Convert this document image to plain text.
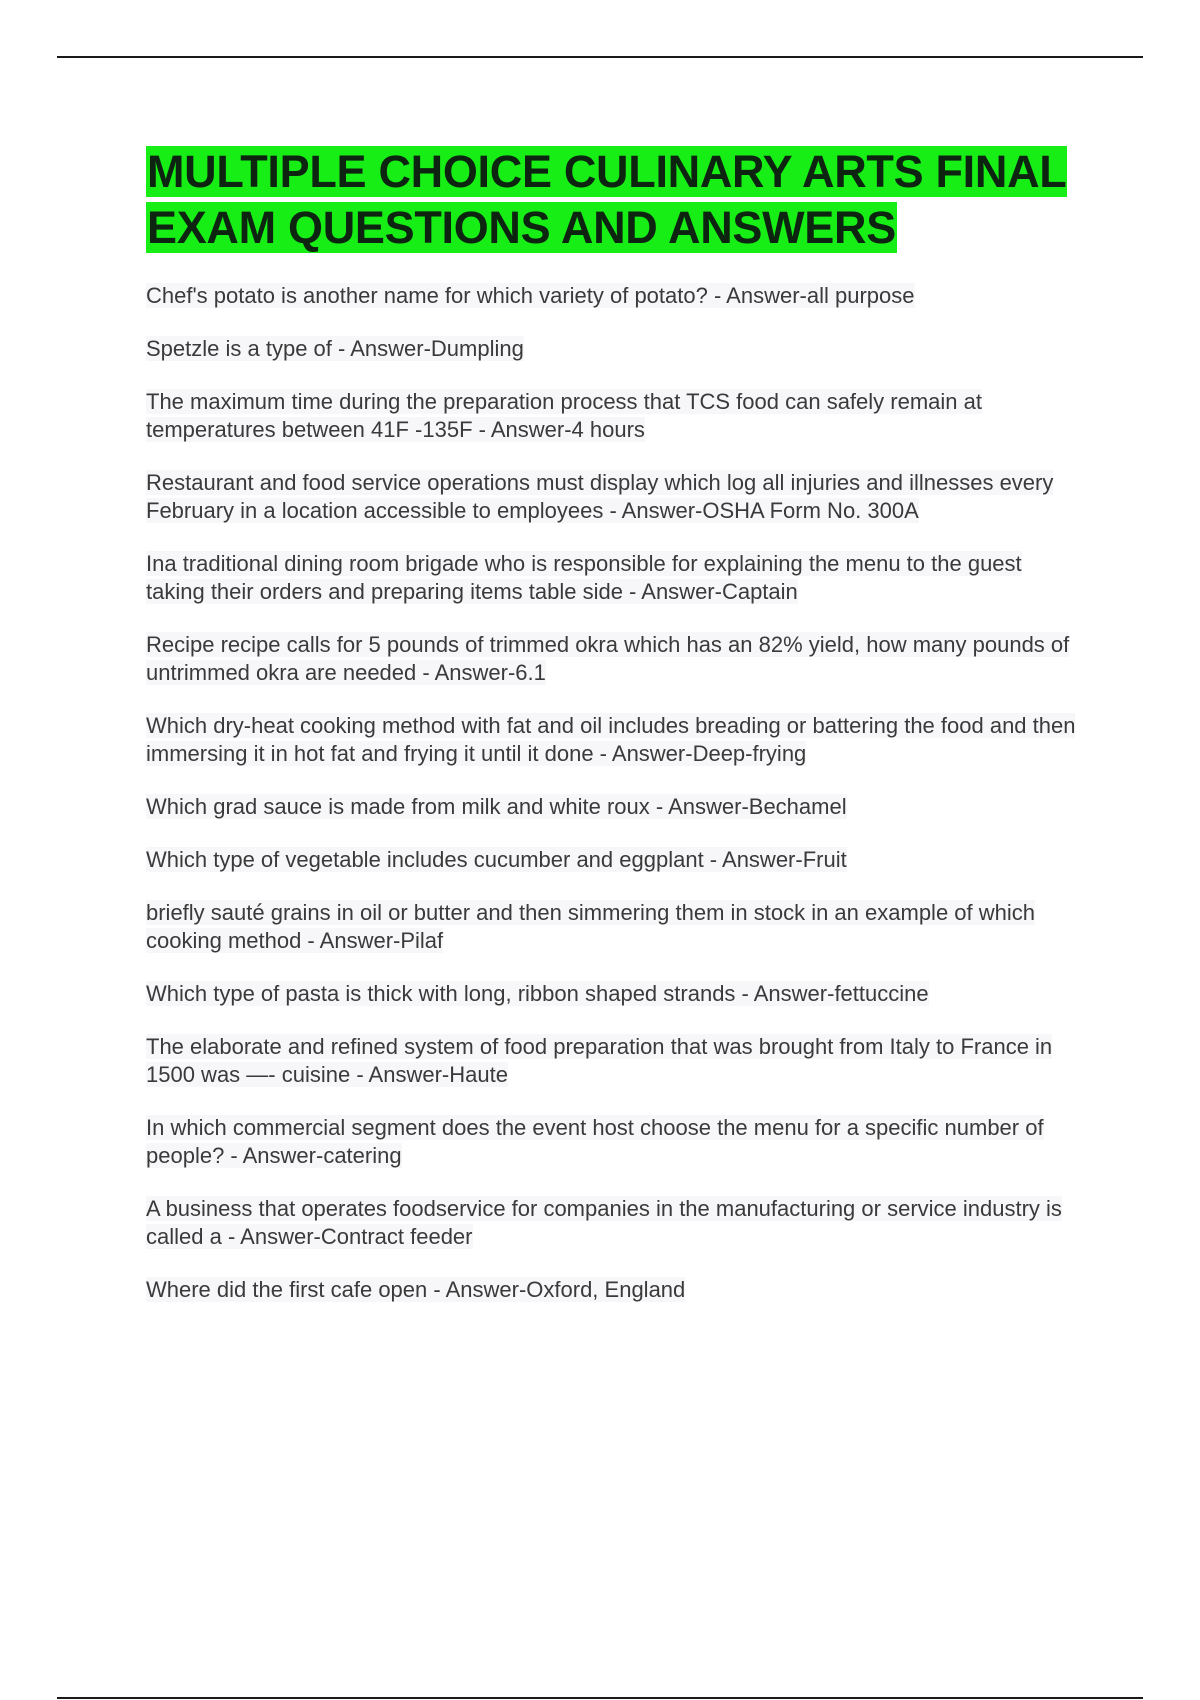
MULTIPLE CHOICE CULINARY ARTS FINAL EXAM QUESTIONS AND ANSWERS
Chef's potato is another name for which variety of potato? - Answer-all purpose
Spetzle is a type of - Answer-Dumpling
The maximum time during the preparation process that TCS food can safely remain at temperatures between 41F -135F - Answer-4 hours
Restaurant and food service operations must display which log all injuries and illnesses every February in a location accessible to employees - Answer-OSHA Form No. 300A
Ina traditional dining room brigade who is responsible for explaining the menu to the guest taking their orders and preparing items table side - Answer-Captain
Recipe recipe calls for 5 pounds of trimmed okra which has an 82% yield, how many pounds of untrimmed okra are needed - Answer-6.1
Which dry-heat cooking method with fat and oil includes breading or battering the food and then immersing it in hot fat and frying it until it done - Answer-Deep-frying
Which grad sauce is made from milk and white roux - Answer-Bechamel
Which type of vegetable includes cucumber and eggplant - Answer-Fruit
briefly sauté grains in oil or butter and then simmering them in stock in an example of which cooking method - Answer-Pilaf
Which type of pasta is thick with long, ribbon shaped strands - Answer-fettuccine
The elaborate and refined system of food preparation that was brought from Italy to France in 1500 was —- cuisine - Answer-Haute
In which commercial segment does the event host choose the menu for a specific number of people? - Answer-catering
A business that operates foodservice for companies in the manufacturing or service industry is called a - Answer-Contract feeder
Where did the first cafe open - Answer-Oxford, England
